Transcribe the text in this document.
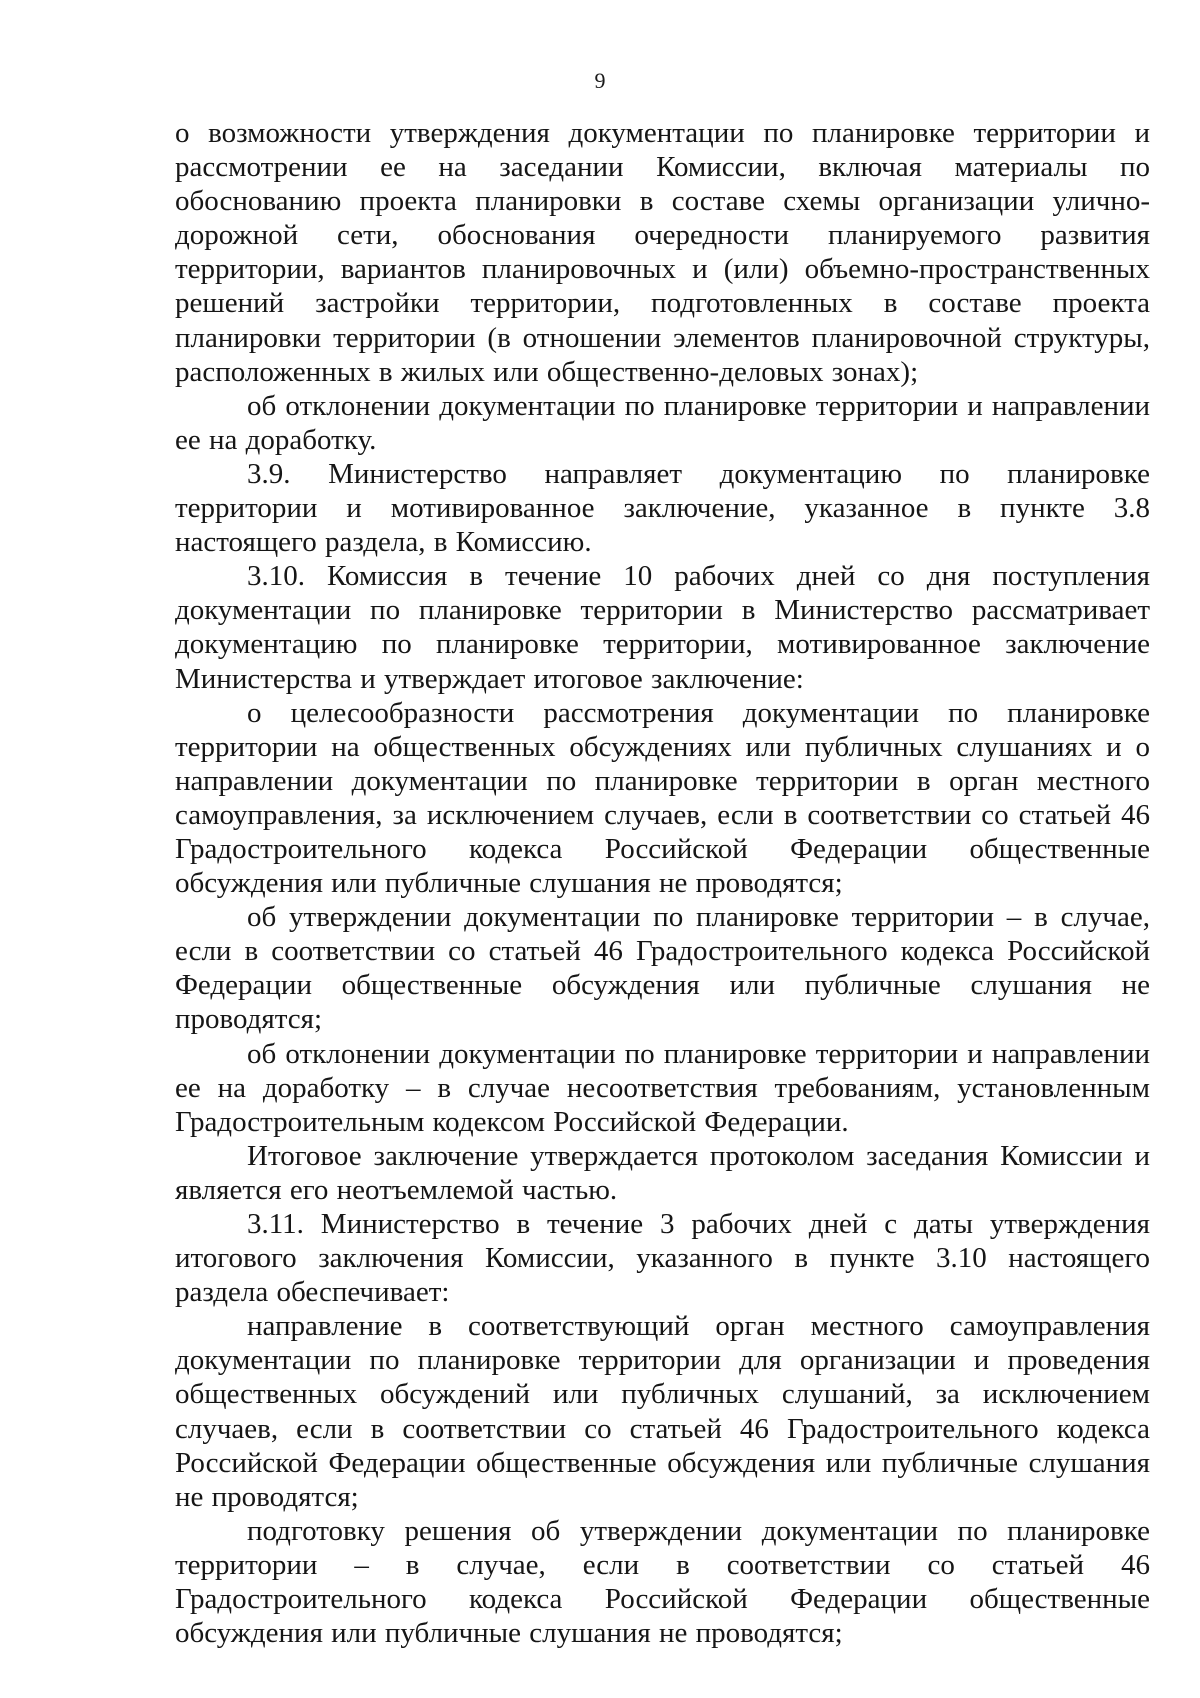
9

о возможности утверждения документации по планировке территории и рассмотрении ее на заседании Комиссии, включая материалы по обоснованию проекта планировки в составе схемы организации улично-дорожной сети, обоснования очередности планируемого развития территории, вариантов планировочных и (или) объемно-пространственных решений застройки территории, подготовленных в составе проекта планировки территории (в отношении элементов планировочной структуры, расположенных в жилых или общественно-деловых зонах);

об отклонении документации по планировке территории и направлении ее на доработку.

3.9. Министерство направляет документацию по планировке территории и мотивированное заключение, указанное в пункте 3.8 настоящего раздела, в Комиссию.

3.10. Комиссия в течение 10 рабочих дней со дня поступления документации по планировке территории в Министерство рассматривает документацию по планировке территории, мотивированное заключение Министерства и утверждает итоговое заключение:

о целесообразности рассмотрения документации по планировке территории на общественных обсуждениях или публичных слушаниях и о направлении документации по планировке территории в орган местного самоуправления, за исключением случаев, если в соответствии со статьей 46 Градостроительного кодекса Российской Федерации общественные обсуждения или публичные слушания не проводятся;

об утверждении документации по планировке территории – в случае, если в соответствии со статьей 46 Градостроительного кодекса Российской Федерации общественные обсуждения или публичные слушания не проводятся;

об отклонении документации по планировке территории и направлении ее на доработку – в случае несоответствия требованиям, установленным Градостроительным кодексом Российской Федерации.

Итоговое заключение утверждается протоколом заседания Комиссии и является его неотъемлемой частью.

3.11. Министерство в течение 3 рабочих дней с даты утверждения итогового заключения Комиссии, указанного в пункте 3.10 настоящего раздела обеспечивает:

направление в соответствующий орган местного самоуправления документации по планировке территории для организации и проведения общественных обсуждений или публичных слушаний, за исключением случаев, если в соответствии со статьей 46 Градостроительного кодекса Российской Федерации общественные обсуждения или публичные слушания не проводятся;

подготовку решения об утверждении документации по планировке территории – в случае, если в соответствии со статьей 46 Градостроительного кодекса Российской Федерации общественные обсуждения или публичные слушания не проводятся;
